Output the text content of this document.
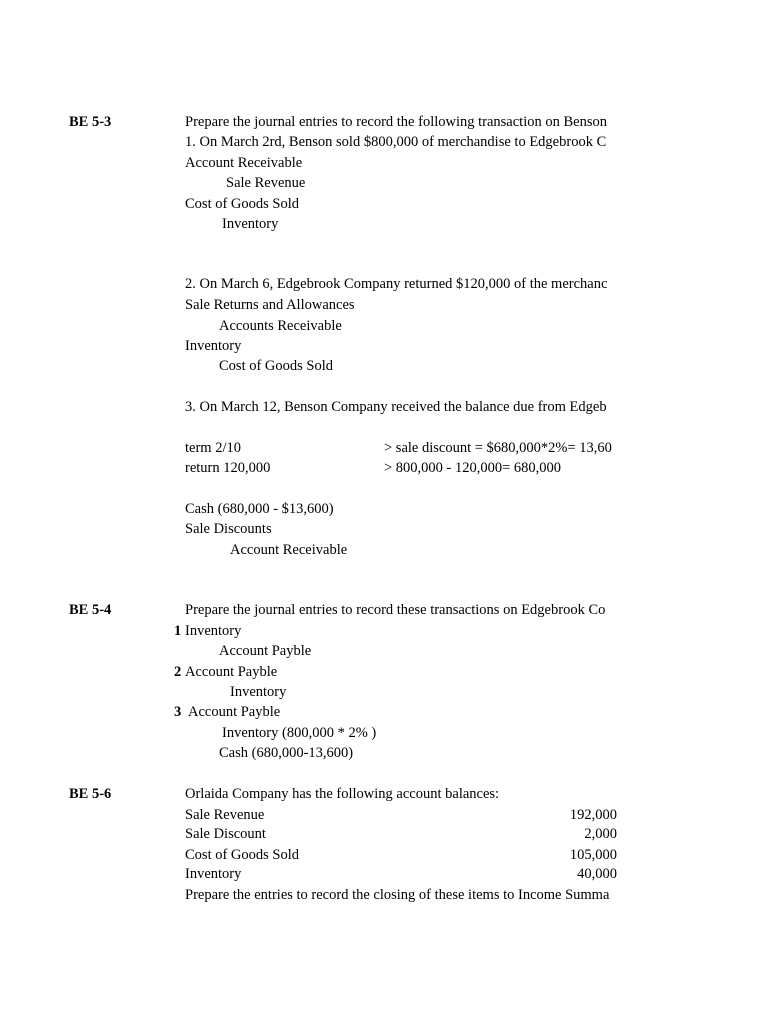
BE 5-3	Prepare the journal entries to record the following transaction on Benson
1. On March 2rd, Benson sold $800,000 of merchandise to Edgebrook C
Account Receivable
Sale Revenue
Cost of Goods Sold
Inventory
2. On March 6, Edgebrook Company returned $120,000 of the merchanc
Sale Returns and Allowances
Accounts Receivable
Inventory
Cost of Goods Sold
3. On March 12, Benson Company received the balance due from Edgeb
term 2/10	> sale discount = $680,000*2%= 13,60
return 120,000	> 800,000 - 120,000= 680,000
Cash (680,000 - $13,600)
Sale Discounts
Account Receivable
BE 5-4	Prepare the journal entries to record these transactions on Edgebrook Co
1 Inventory
Account Payble
2 Account Payble
Inventory
3 Account Payble
Inventory (800,000 * 2% )
Cash (680,000-13,600)
BE 5-6	Orlaida Company has the following account balances:
Sale Revenue	192,000
Sale Discount	2,000
Cost of Goods Sold	105,000
Inventory	40,000
Prepare the entries to record the closing of these items to Income Summa
